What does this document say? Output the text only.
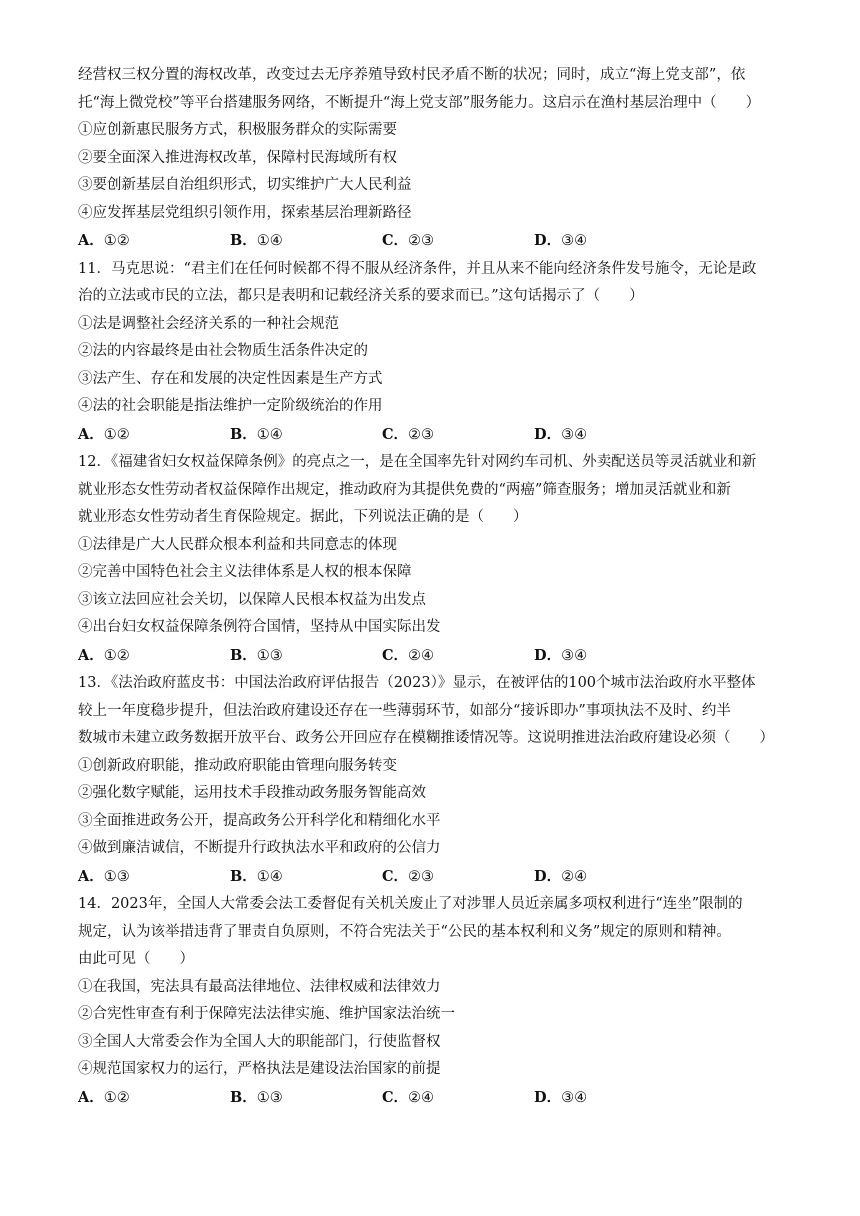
经营权三权分置的海权改革，改变过去无序养殖导致村民矛盾不断的状况；同时，成立“海上党支部”，依
托“海上微党校”等平台搭建服务网络，不断提升“海上党支部”服务能力。这启示在渔村基层治理中（　　）
①应创新惠民服务方式，积极服务群众的实际需要
②要全面深入推进海权改革，保障村民海域所有权
③要创新基层自治组织形式，切实维护广大人民利益
④应发挥基层党组织引领作用，探索基层治理新路径
A．①②	B．①④	C．②③	D．③④
11．马克思说：“君主们在任何时候都不得不服从经济条件，并且从来不能向经济条件发号施令，无论是政
治的立法或市民的立法，都只是表明和记载经济关系的要求而已。”这句话揭示了（　　）
①法是调整社会经济关系的一种社会规范
②法的内容最终是由社会物质生活条件决定的
③法产生、存在和发展的决定性因素是生产方式
④法的社会职能是指法维护一定阶级统治的作用
A．①②	B．①④	C．②③	D．③④
12．《福建省妇女权益保障条例》的亮点之一，是在全国率先针对网约车司机、外卖配送员等灵活就业和新
就业形态女性劳动者权益保障作出规定，推动政府为其提供免费的“两癌”筛查服务；增加灵活就业和新
就业形态女性劳动者生育保险规定。据此，下列说法正确的是（　　）
①法律是广大人民群众根本利益和共同意志的体现
②完善中国特色社会主义法律体系是人权的根本保障
③该立法回应社会关切，以保障人民根本权益为出发点
④出台妇女权益保障条例符合国情，坚持从中国实际出发
A．①②	B．①③	C．②④	D．③④
13．《法治政府蓝皮书：中国法治政府评估报告（2023）》显示，在被评估的100个城市法治政府水平整体
较上一年度稳步提升，但法治政府建设还存在一些薄弱环节，如部分“接诉即办”事项执法不及时、约半
数城市未建立政务数据开放平台、政务公开回应存在模糊推诿情况等。这说明推进法治政府建设必须（　　）
①创新政府职能，推动政府职能由管理向服务转变
②强化数字赋能，运用技术手段推动政务服务智能高效
③全面推进政务公开，提高政务公开科学化和精细化水平
④做到廉洁诚信，不断提升行政执法水平和政府的公信力
A．①③	B．①④	C．②③	D．②④
14．2023年，全国人大常委会法工委督促有关机关废止了对涉罪人员近亲属多项权利进行“连坐”限制的
规定，认为该举措违背了罪责自负原则，不符合宪法关于“公民的基本权利和义务”规定的原则和精神。
由此可见（　　）
①在我国，宪法具有最高法律地位、法律权威和法律效力
②合宪性审查有利于保障宪法法律实施、维护国家法治统一
③全国人大常委会作为全国人大的职能部门，行使监督权
④规范国家权力的运行，严格执法是建设法治国家的前提
A．①②	B．①③	C．②④	D．③④
